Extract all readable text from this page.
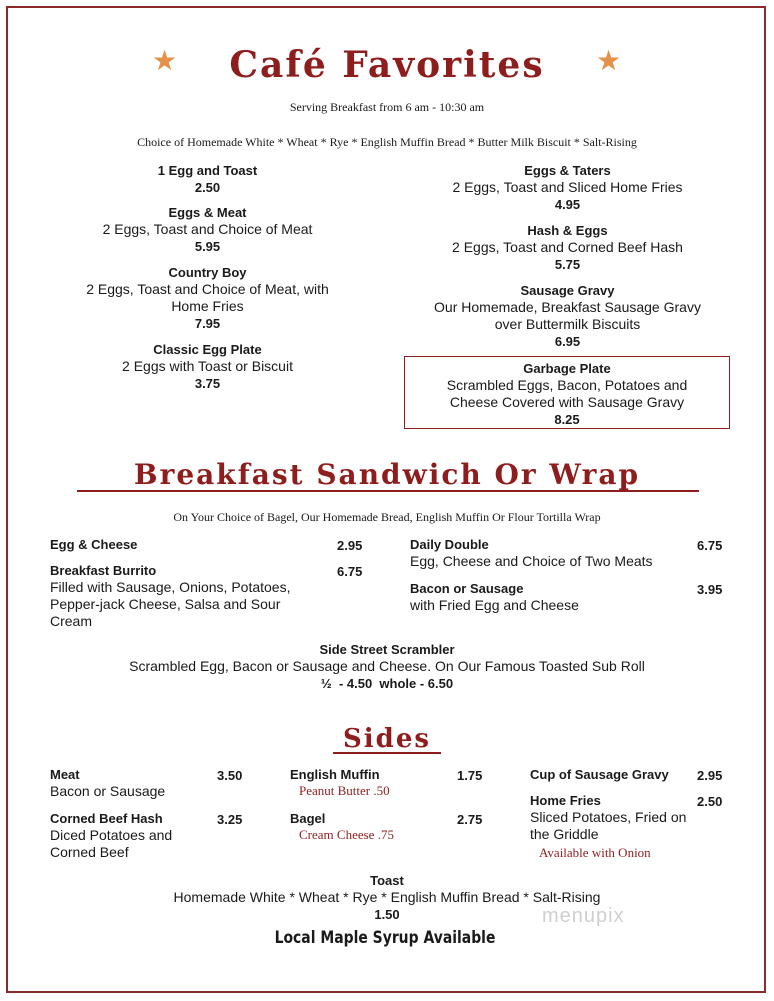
★	Café Favorites	★
Serving Breakfast from 6 am - 10:30 am
Choice of Homemade White * Wheat * Rye * English Muffin Bread * Butter Milk Biscuit * Salt-Rising
1 Egg and Toast
2.50
Eggs & Meat
2 Eggs, Toast and Choice of Meat
5.95
Country Boy
2 Eggs, Toast and Choice of Meat, with
Home Fries
7.95
Classic Egg Plate
2 Eggs with Toast or Biscuit
3.75
Eggs & Taters
2 Eggs, Toast and Sliced Home Fries
4.95
Hash & Eggs
2 Eggs, Toast and Corned Beef Hash
5.75
Sausage Gravy
Our Homemade, Breakfast Sausage Gravy
over Buttermilk Biscuits
6.95
Garbage Plate
Scrambled Eggs, Bacon, Potatoes and
Cheese Covered with Sausage Gravy
8.25
Breakfast Sandwich Or Wrap
On Your Choice of Bagel, Our Homemade Bread, English Muffin Or Flour Tortilla Wrap
Egg & Cheese	2.95
Breakfast Burrito
Filled with Sausage, Onions, Potatoes,
Pepper-jack Cheese, Salsa and Sour
Cream
6.75
Daily Double
Egg, Cheese and Choice of Two Meats
6.75
Bacon or Sausage
with Fried Egg and Cheese
3.95
Side Street Scrambler
Scrambled Egg, Bacon or Sausage and Cheese. On Our Famous Toasted Sub Roll
½  - 4.50  whole - 6.50
Sides
Meat
Bacon or Sausage
3.50
Corned Beef Hash
Diced Potatoes and
Corned Beef
3.25
English Muffin	1.75
Peanut Butter .50
Bagel	2.75
Cream Cheese .75
Cup of Sausage Gravy 2.95
Home Fries
Sliced Potatoes, Fried on
the Griddle
2.50
Available with Onion
Toast
Homemade White * Wheat * Rye * English Muffin Bread * Salt-Rising
1.50
Local Maple Syrup Available
menupix
